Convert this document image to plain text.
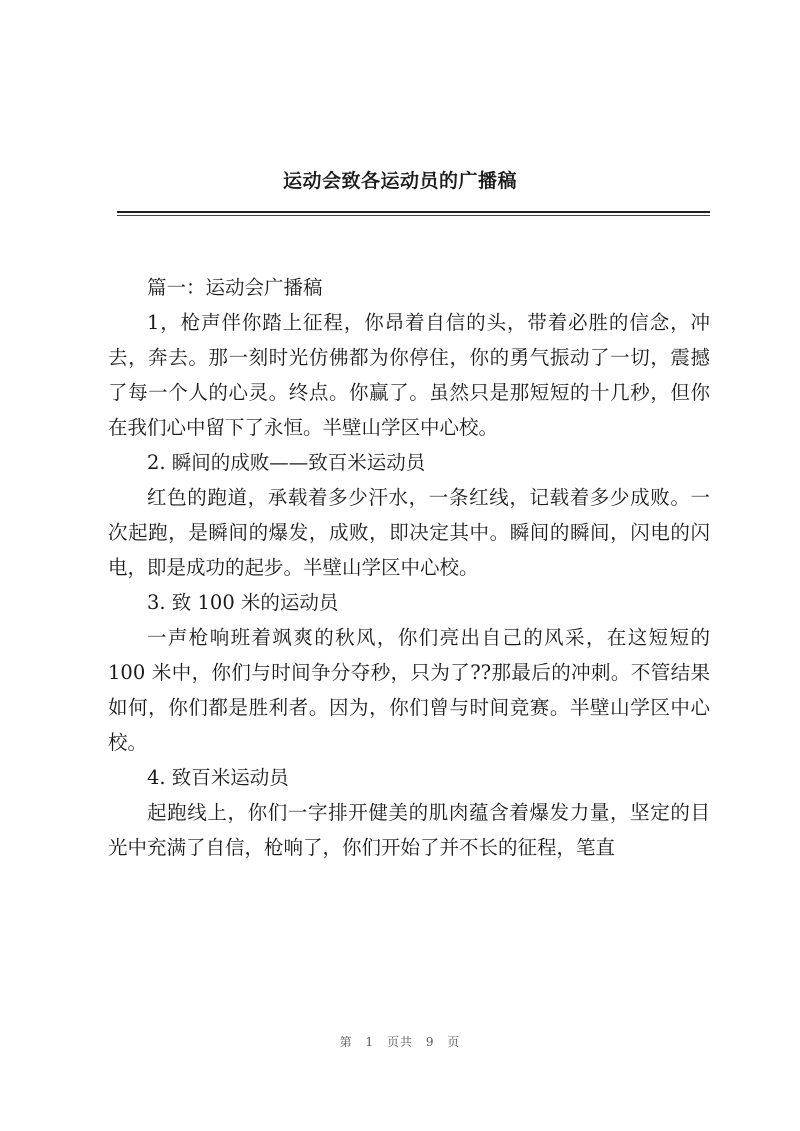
运动会致各运动员的广播稿

篇一：运动会广播稿

1，枪声伴你踏上征程，你昂着自信的头，带着必胜的信念，冲去，奔去。那一刻时光仿佛都为你停住，你的勇气振动了一切，震撼了每一个人的心灵。终点。你赢了。虽然只是那短短的十几秒，但你在我们心中留下了永恒。半壁山学区中心校。

2. 瞬间的成败——致百米运动员

红色的跑道，承载着多少汗水，一条红线，记载着多少成败。一次起跑，是瞬间的爆发，成败，即决定其中。瞬间的瞬间，闪电的闪电，即是成功的起步。半壁山学区中心校。

3. 致 100 米的运动员

一声枪响班着飒爽的秋风，你们亮出自己的风采，在这短短的 100 米中，你们与时间争分夺秒，只为了??那最后的冲刺。不管结果如何，你们都是胜利者。因为，你们曾与时间竞赛。半壁山学区中心校。

4. 致百米运动员

起跑线上，你们一字排开健美的肌肉蕴含着爆发力量，坚定的目光中充满了自信，枪响了，你们开始了并不长的征程，笔直

第 1 页共 9 页
